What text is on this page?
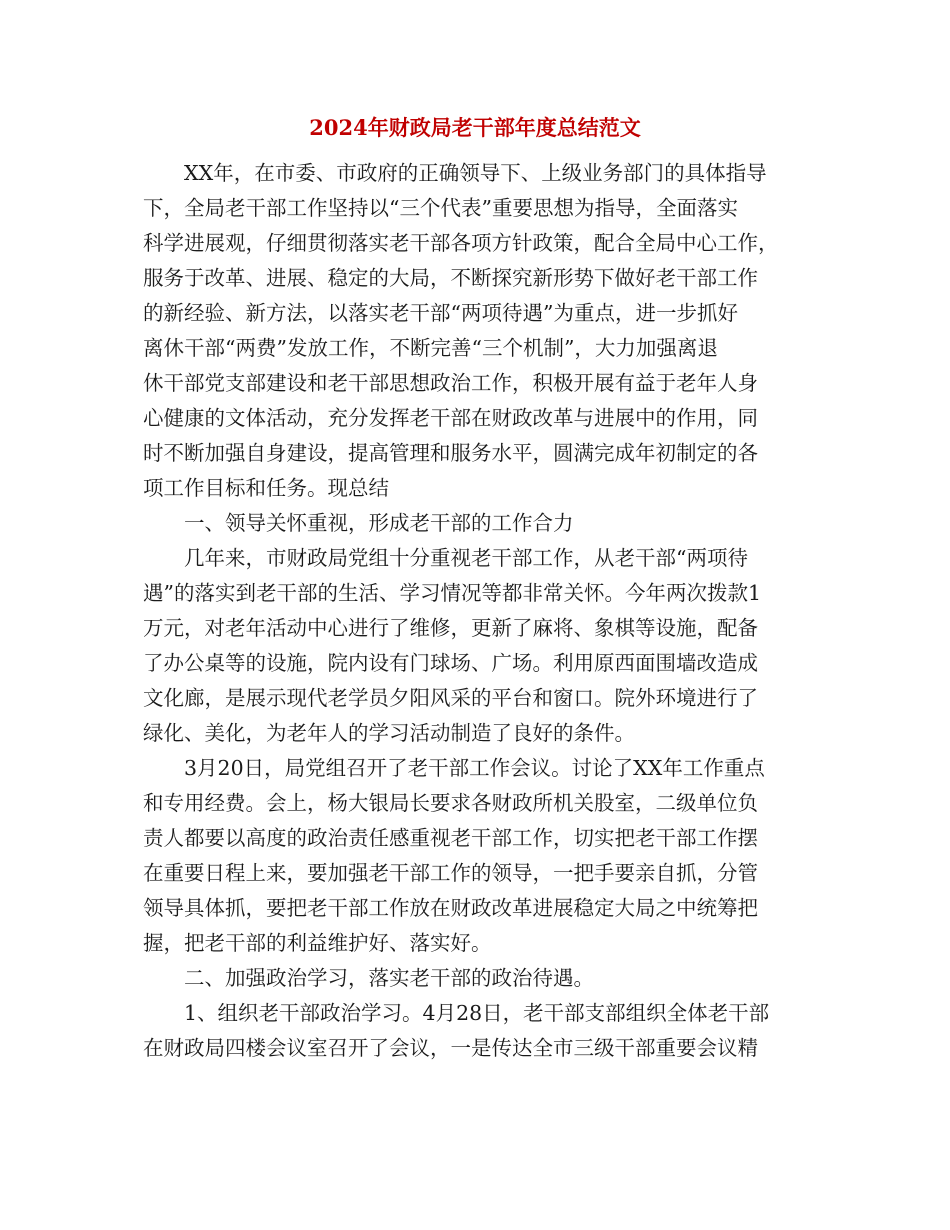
2024年财政局老干部年度总结范文
XX年，在市委、市政府的正确领导下、上级业务部门的具体指导
下，全局老干部工作坚持以“三个代表”重要思想为指导，全面落实
科学进展观，仔细贯彻落实老干部各项方针政策，配合全局中心工作，
服务于改革、进展、稳定的大局，不断探究新形势下做好老干部工作
的新经验、新方法，以落实老干部“两项待遇”为重点，进一步抓好
离休干部“两费”发放工作，不断完善“三个机制”，大力加强离退
休干部党支部建设和老干部思想政治工作，积极开展有益于老年人身
心健康的文体活动，充分发挥老干部在财政改革与进展中的作用，同
时不断加强自身建设，提高管理和服务水平，圆满完成年初制定的各
项工作目标和任务。现总结
一、领导关怀重视，形成老干部的工作合力
几年来，市财政局党组十分重视老干部工作，从老干部“两项待
遇”的落实到老干部的生活、学习情况等都非常关怀。今年两次拨款1
万元，对老年活动中心进行了维修，更新了麻将、象棋等设施，配备
了办公桌等的设施，院内设有门球场、广场。利用原西面围墙改造成
文化廊，是展示现代老学员夕阳风采的平台和窗口。院外环境进行了
绿化、美化，为老年人的学习活动制造了良好的条件。
3月20日，局党组召开了老干部工作会议。讨论了XX年工作重点
和专用经费。会上，杨大银局长要求各财政所机关股室，二级单位负
责人都要以高度的政治责任感重视老干部工作，切实把老干部工作摆
在重要日程上来，要加强老干部工作的领导，一把手要亲自抓，分管
领导具体抓，要把老干部工作放在财政改革进展稳定大局之中统筹把
握，把老干部的利益维护好、落实好。
二、加强政治学习，落实老干部的政治待遇。
1、组织老干部政治学习。4月28日，老干部支部组织全体老干部
在财政局四楼会议室召开了会议，一是传达全市三级干部重要会议精
